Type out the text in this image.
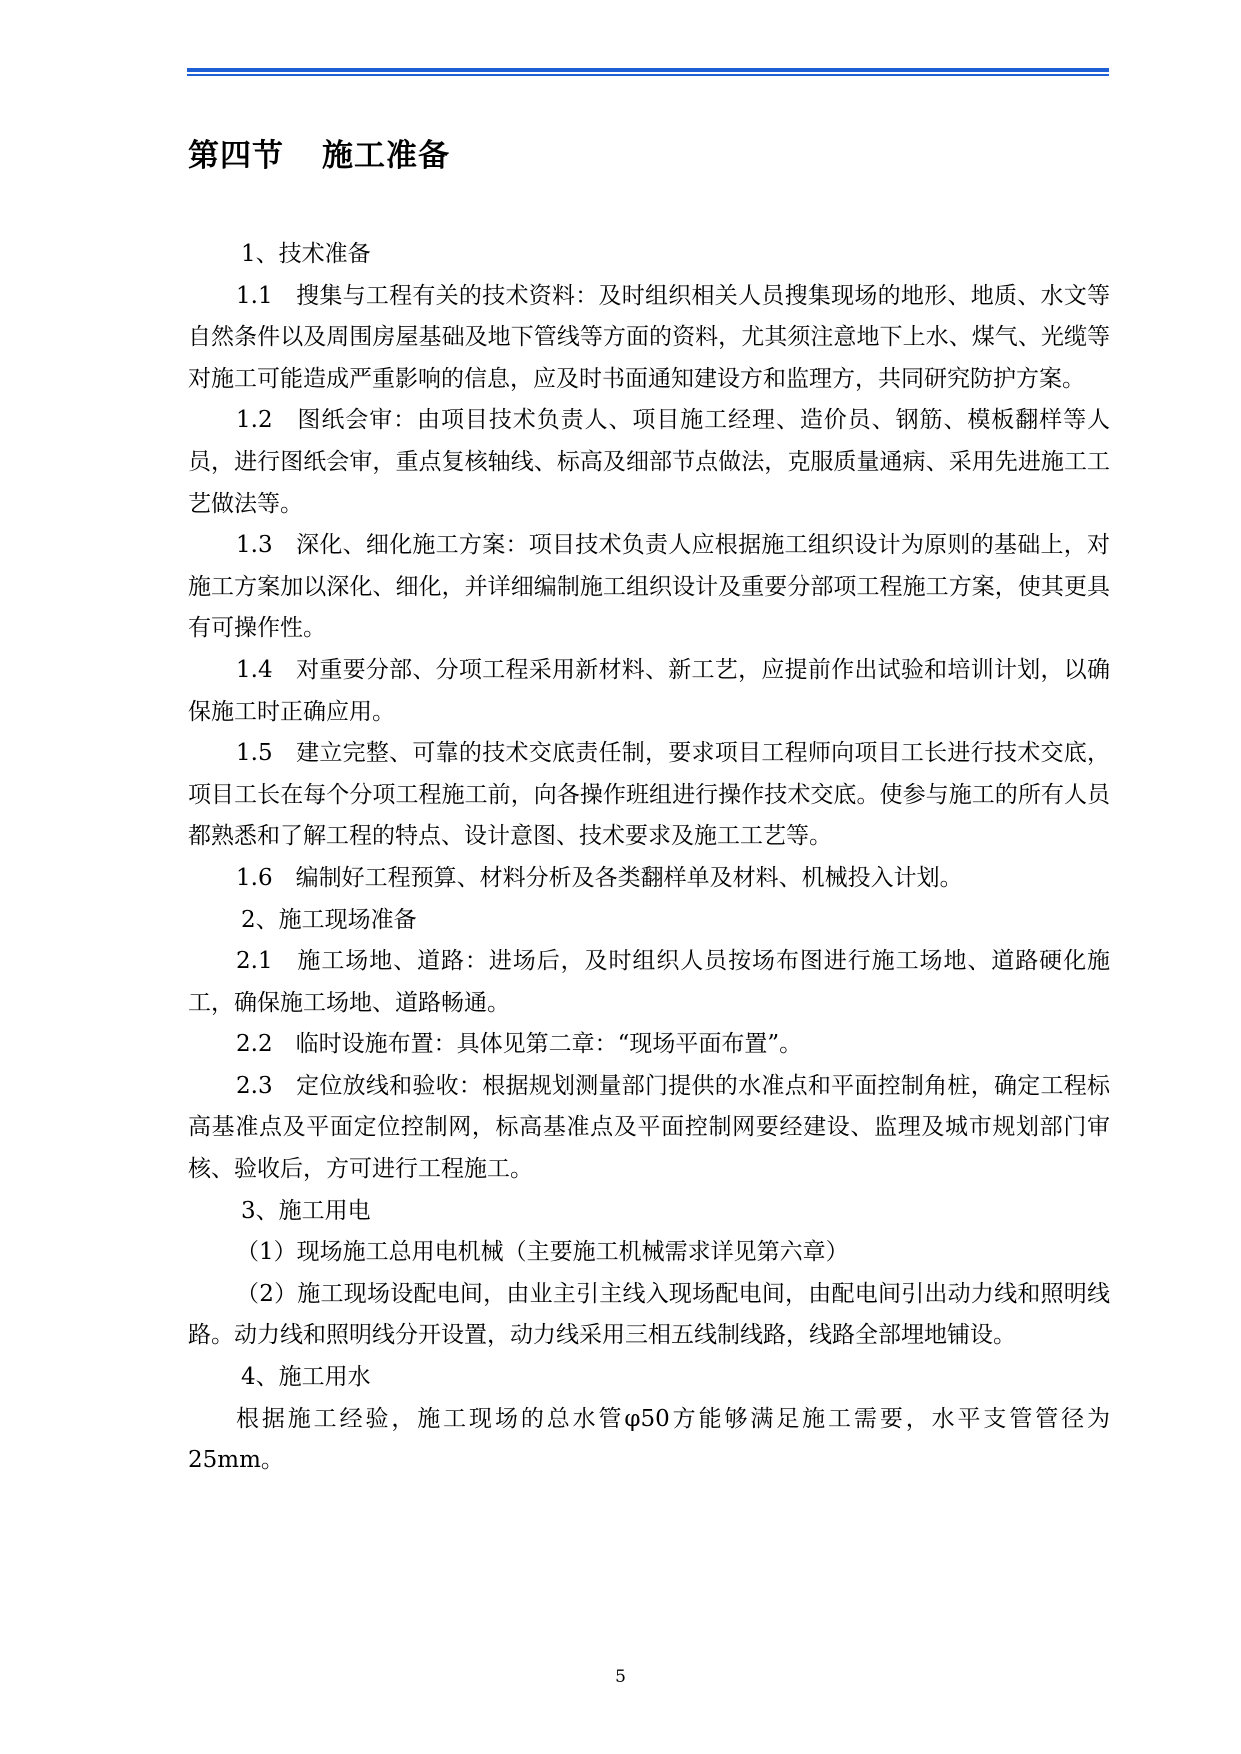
第四节 施工准备

1、技术准备

1.1　搜集与工程有关的技术资料：及时组织相关人员搜集现场的地形、地质、水文等自然条件以及周围房屋基础及地下管线等方面的资料，尤其须注意地下上水、煤气、光缆等对施工可能造成严重影响的信息，应及时书面通知建设方和监理方，共同研究防护方案。

1.2　图纸会审：由项目技术负责人、项目施工经理、造价员、钢筋、模板翻样等人员，进行图纸会审，重点复核轴线、标高及细部节点做法，克服质量通病、采用先进施工工艺做法等。

1.3　深化、细化施工方案：项目技术负责人应根据施工组织设计为原则的基础上，对施工方案加以深化、细化，并详细编制施工组织设计及重要分部项工程施工方案，使其更具有可操作性。

1.4　对重要分部、分项工程采用新材料、新工艺，应提前作出试验和培训计划，以确保施工时正确应用。

1.5　建立完整、可靠的技术交底责任制，要求项目工程师向项目工长进行技术交底，项目工长在每个分项工程施工前，向各操作班组进行操作技术交底。使参与施工的所有人员都熟悉和了解工程的特点、设计意图、技术要求及施工工艺等。

1.6　编制好工程预算、材料分析及各类翻样单及材料、机械投入计划。

2、施工现场准备

2.1　施工场地、道路：进场后，及时组织人员按场布图进行施工场地、道路硬化施工，确保施工场地、道路畅通。

2.2　临时设施布置：具体见第二章：“现场平面布置”。

2.3　定位放线和验收：根据规划测量部门提供的水准点和平面控制角桩，确定工程标高基准点及平面定位控制网，标高基准点及平面控制网要经建设、监理及城市规划部门审核、验收后，方可进行工程施工。

3、施工用电

（1）现场施工总用电机械（主要施工机械需求详见第六章）

（2）施工现场设配电间，由业主引主线入现场配电间，由配电间引出动力线和照明线路。动力线和照明线分开设置，动力线采用三相五线制线路，线路全部埋地铺设。

4、施工用水

根据施工经验，施工现场的总水管φ50方能够满足施工需要，水平支管管径为25mm。

5
